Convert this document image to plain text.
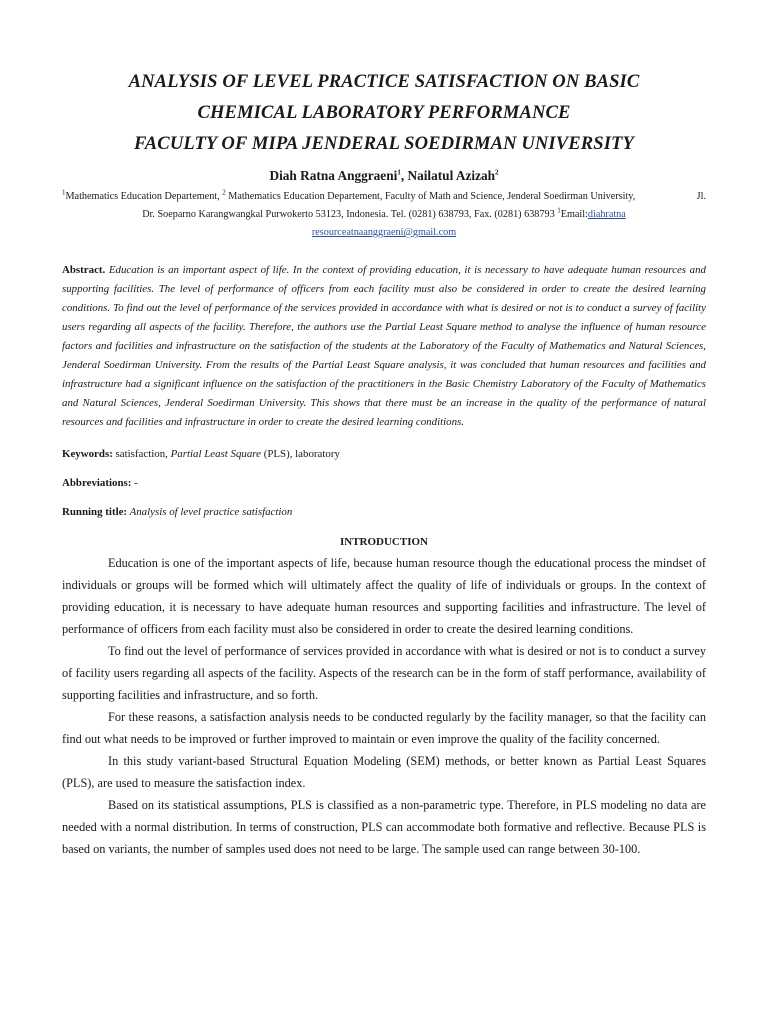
ANALYSIS OF LEVEL PRACTICE SATISFACTION ON BASIC

CHEMICAL LABORATORY PERFORMANCE

FACULTY OF MIPA JENDERAL SOEDIRMAN UNIVERSITY

Diah Ratna Anggraeni$^1$, Nailatul Azizah$^2$
$^1$Mathematics Education Departement, $^2$ Mathematics Education Departement, Faculty of Math and Science, Jenderal Soedirman University,	Jl.
Dr. Soeparno Karangwangkal Purwokerto 53123, Indonesia. Tel. (0281) 638793, Fax. (0281) 638793 $^1$Email:diahratna
resourceatnaanggraeni@gmail.com
Abstract. Education is an important aspect of life. In the context of providing education, it is necessary to have adequate human resources and supporting facilities. The level of performance of officers from each facility must also be considered in order to create the desired learning conditions. To find out the level of performance of the services provided in accordance with what is desired or not is to conduct a survey of facility users regarding all aspects of the facility. Therefore, the authors use the Partial Least Square method to analyse the influence of human resource factors and facilities and infrastructure on the satisfaction of the students at the Laboratory of the Faculty of Mathematics and Natural Sciences, Jenderal Soedirman University. From the results of the Partial Least Square analysis, it was concluded that human resources and facilities and infrastructure had a significant influence on the satisfaction of the practitioners in the Basic Chemistry Laboratory of the Faculty of Mathematics and Natural Sciences, Jenderal Soedirman University. This shows that there must be an increase in the quality of the performance of natural resources and facilities and infrastructure in order to create the desired learning conditions.
Keywords: satisfaction, Partial Least Square (PLS), laboratory
Abbreviations: -
Running title: Analysis of level practice satisfaction
INTRODUCTION

Education is one of the important aspects of life, because human resource though the educational process the mindset of individuals or groups will be formed which will ultimately affect the quality of life of individuals or groups. In the context of providing education, it is necessary to have adequate human resources and supporting facilities and infrastructure. The level of performance of officers from each facility must also be considered in order to create the desired learning conditions.

To find out the level of performance of services provided in accordance with what is desired or not is to conduct a survey of facility users regarding all aspects of the facility. Aspects of the research can be in the form of staff performance, availability of supporting facilities and infrastructure, and so forth.

For these reasons, a satisfaction analysis needs to be conducted regularly by the facility manager, so that the facility can find out what needs to be improved or further improved to maintain or even improve the quality of the facility concerned.

In this study variant-based Structural Equation Modeling (SEM) methods, or better known as Partial Least Squares (PLS), are used to measure the satisfaction index.

Based on its statistical assumptions, PLS is classified as a non-parametric type. Therefore, in PLS modeling no data are needed with a normal distribution. In terms of construction, PLS can accommodate both formative and reflective. Because PLS is based on variants, the number of samples used does not need to be large. The sample used can range between 30-100.
